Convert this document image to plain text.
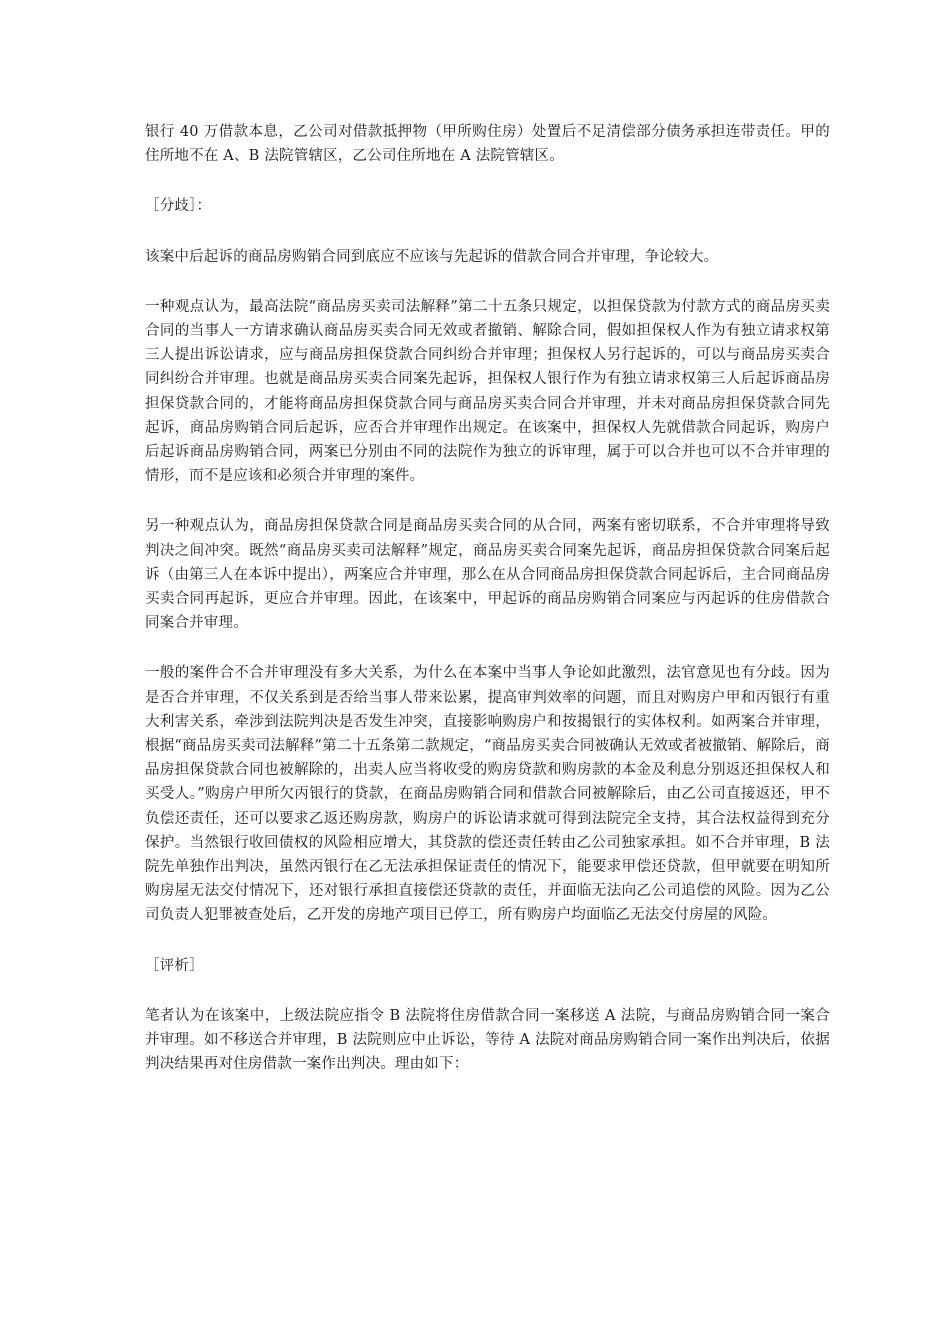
银行 40 万借款本息，乙公司对借款抵押物（甲所购住房）处置后不足清偿部分债务承担连带责任。甲的住所地不在 A、B 法院管辖区，乙公司住所地在 A 法院管辖区。

［分歧］：

该案中后起诉的商品房购销合同到底应不应该与先起诉的借款合同合并审理，争论较大。

一种观点认为，最高法院“商品房买卖司法解释”第二十五条只规定，以担保贷款为付款方式的商品房买卖合同的当事人一方请求确认商品房买卖合同无效或者撤销、解除合同，假如担保权人作为有独立请求权第三人提出诉讼请求，应与商品房担保贷款合同纠纷合并审理；担保权人另行起诉的，可以与商品房买卖合同纠纷合并审理。也就是商品房买卖合同案先起诉，担保权人银行作为有独立请求权第三人后起诉商品房担保贷款合同的，才能将商品房担保贷款合同与商品房买卖合同合并审理，并未对商品房担保贷款合同先起诉，商品房购销合同后起诉，应否合并审理作出规定。在该案中，担保权人先就借款合同起诉，购房户后起诉商品房购销合同，两案已分别由不同的法院作为独立的诉审理，属于可以合并也可以不合并审理的情形，而不是应该和必须合并审理的案件。

另一种观点认为，商品房担保贷款合同是商品房买卖合同的从合同，两案有密切联系，不合并审理将导致判决之间冲突。既然“商品房买卖司法解释”规定，商品房买卖合同案先起诉，商品房担保贷款合同案后起诉（由第三人在本诉中提出），两案应合并审理，那么在从合同商品房担保贷款合同起诉后，主合同商品房买卖合同再起诉，更应合并审理。因此，在该案中，甲起诉的商品房购销合同案应与丙起诉的住房借款合同案合并审理。

一般的案件合不合并审理没有多大关系，为什么在本案中当事人争论如此激烈，法官意见也有分歧。因为是否合并审理，不仅关系到是否给当事人带来讼累，提高审判效率的问题，而且对购房户甲和丙银行有重大利害关系，牵涉到法院判决是否发生冲突，直接影响购房户和按揭银行的实体权利。如两案合并审理，根据“商品房买卖司法解释”第二十五条第二款规定，“商品房买卖合同被确认无效或者被撤销、解除后，商品房担保贷款合同也被解除的，出卖人应当将收受的购房贷款和购房款的本金及利息分别返还担保权人和买受人。”购房户甲所欠丙银行的贷款，在商品房购销合同和借款合同被解除后，由乙公司直接返还，甲不负偿还责任，还可以要求乙返还购房款，购房户的诉讼请求就可得到法院完全支持，其合法权益得到充分保护。当然银行收回债权的风险相应增大，其贷款的偿还责任转由乙公司独家承担。如不合并审理，B 法院先单独作出判决，虽然丙银行在乙无法承担保证责任的情况下，能要求甲偿还贷款，但甲就要在明知所购房屋无法交付情况下，还对银行承担直接偿还贷款的责任，并面临无法向乙公司追偿的风险。因为乙公司负责人犯罪被查处后，乙开发的房地产项目已停工，所有购房户均面临乙无法交付房屋的风险。

［评析］

笔者认为在该案中，上级法院应指令 B 法院将住房借款合同一案移送 A 法院，与商品房购销合同一案合并审理。如不移送合并审理，B 法院则应中止诉讼，等待 A 法院对商品房购销合同一案作出判决后，依据判决结果再对住房借款一案作出判决。理由如下：
